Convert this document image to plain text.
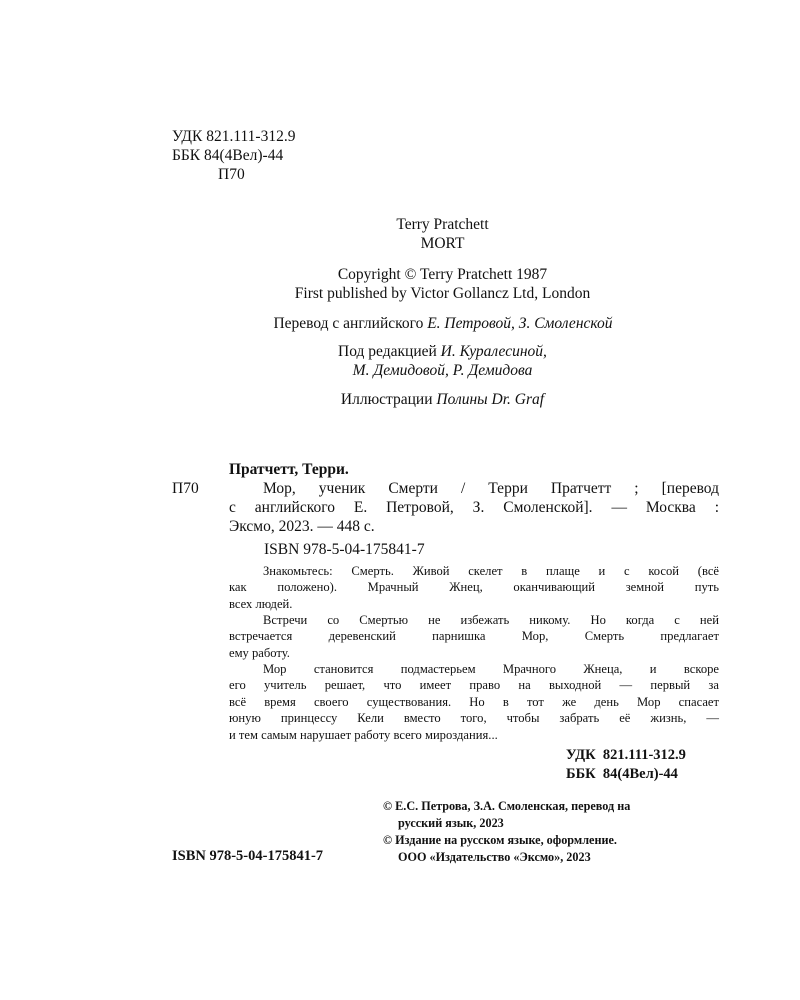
УДК 821.111-312.9
ББК 84(4Вел)-44
П70
Terry Pratchett
MORT
Copyright © Terry Pratchett 1987
First published by Victor Gollancz Ltd, London
Перевод с английского Е. Петровой, З. Смоленской
Под редакцией И. Куралесиной,
М. Демидовой, Р. Демидова
Иллюстрации Полины Dr. Graf
Пратчетт, Терри.
П70	Мор, ученик Смерти / Терри Пратчетт ; [перевод
с английского Е. Петровой, З. Смоленской]. — Москва :
Эксмо, 2023. — 448 с.
ISBN 978-5-04-175841-7
Знакомьтесь: Смерть. Живой скелет в плаще и с косой (всё
как положено). Мрачный Жнец, оканчивающий земной путь
всех людей.
Встречи со Смертью не избежать никому. Но когда с ней
встречается деревенский парнишка Мор, Смерть предлагает
ему работу.
Мор становится подмастерьем Мрачного Жнеца, и вскоре
его учитель решает, что имеет право на выходной — первый за
всё время своего существования. Но в тот же день Мор спасает
юную принцессу Кели вместо того, чтобы забрать её жизнь, —
и тем самым нарушает работу всего мироздания...
УДК  821.111-312.9
ББК  84(4Вел)-44
© Е.С. Петрова, З.А. Смоленская, перевод на
русский язык, 2023
© Издание на русском языке, оформление.
ООО «Издательство «Эксмо», 2023
ISBN 978-5-04-175841-7
